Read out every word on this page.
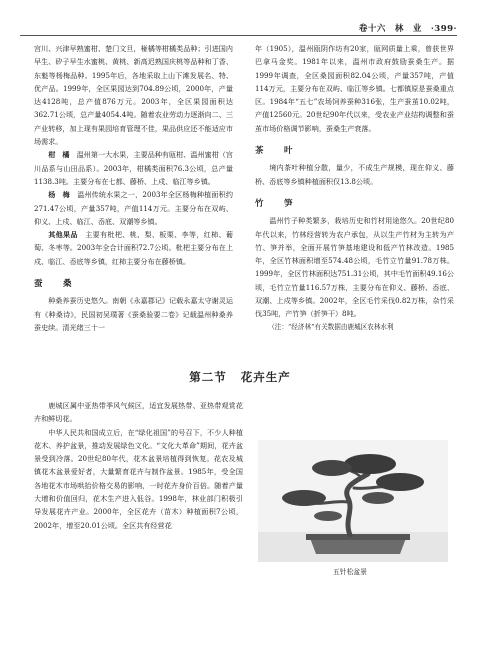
卷十六　林　业　·399·

宫川、兴津早熟蜜柑、楚门文旦，椪橘等柑橘类品种；引进国内早生、矽子早生水蜜桃、黄桃、新高迟熟国庆桃等品种和丁香、东魁等杨梅品种。1995年后，各地采取上山下滩发展名、特、优产品。1999年，全区果园达到704.89公顷，2000年，产量达4128吨，总产值876万元。2003年，全区果园面积达362.71公顷，总产量4054.4吨。随着农业劳动力逐渐向二、三产业转移，加上现有果园培育管理不佳，果品供应还不能适应市场需求。

柑　橘　 温州第一大水果，主要品种有瓯柑、温州蜜柑（宫川品系与山田品系）。2003年，柑橘类面积76.3公顷，总产量1138.3吨。主要分布在七都、藤桥、上戍、临江等乡镇。

杨　梅　 温州传统水果之一，2003年全区杨梅种植面积约271.47公顷，产量357吨，产值114万元。主要分布在双屿、仰义、上戍、临江、岙底、双潮等乡镇。

其他果品　 主要有枇杷、桃、梨、板栗、李等，红柿、葡萄、冬枣等。2003年全合计面积72.7公顷。枇杷主要分布在上戍、临江、岙底等乡镇，红柿主要分布在藤桥镇。

蚕　桑

种桑养蚕历史悠久。南朝《永嘉郡记》记载永嘉太守谢灵运有《种桑诗》，民国初吴璞著《蚕桑验要二卷》记载温州种桑养蚕史续。清光绪三十一

年（1905），温州瓯阴作坊有20家，瓯网质量上乘，曾获世界巴拿马金奖。1981年以来，温州市政府鼓励蚕桑生产。据1999年调查，全区桑园面积82.04公顷，产量357吨，产值114万元，主要分布在双屿、临江等乡镇。七都镇原是蚕桑重点区。1984年“五七”农场饲养蚕种316张，生产蚕茧10.02吨，产值12560元。20世纪90年代以来，受农业产业结构调整和蚕茧市场价格调节影响，蚕桑生产衰落。

茶　叶

境内茶叶种植分散，量少，不成生产规模，现在仰义、藤桥、岙底等乡镇种植面积仅13.8公顷。

竹　笋

温州竹子种类繁多，栽培历史和竹材用途悠久。20世纪80年代以来，竹林经营转为农户承包，从以生产竹材为主转为产竹、笋并举，全面开展竹笋基地建设和低产竹林改造。1985年，全区竹林面积增至574.48公顷，毛竹立竹量91.78万株。1999年，全区竹林面积达751.31公顷，其中毛竹面积49.16公顷，毛竹立竹量116.57万株，主要分布在仰义、藤桥、岙底、双潮、上戍等乡镇。2002年，全区毛竹采伐0.82万株，杂竹采伐35吨，产竹笋（折笋干）8吨。

（注：“经济林”有关数据由鹿城区农林水利

第二节 花卉生产

鹿城区属中亚热带季风气候区，适宜发展热带、亚热带观赏花卉和鲜切花。

中华人民共和国成立后，在“绿化祖国”的号召下，不少人种植花木、养护盆景，推动发展绿色文化。“文化大革命”期间，花卉盆景受到冷落。20世纪80年代，花木盆景培植得到恢复。花农及城镇花木盆景爱好者，大量繁育花卉与制作盆景。1985年，受全国各地花木市场哄抬价格交易的影响，一时花卉身价百倍。随着产量大增和价值回归，花木生产进入低谷。1998年，林业部门积极引导发展花卉产业。2000年，全区花卉（苗木）种植面积7公顷，2002年，增至20.01公顷。全区共有经营花

五针松盆景
